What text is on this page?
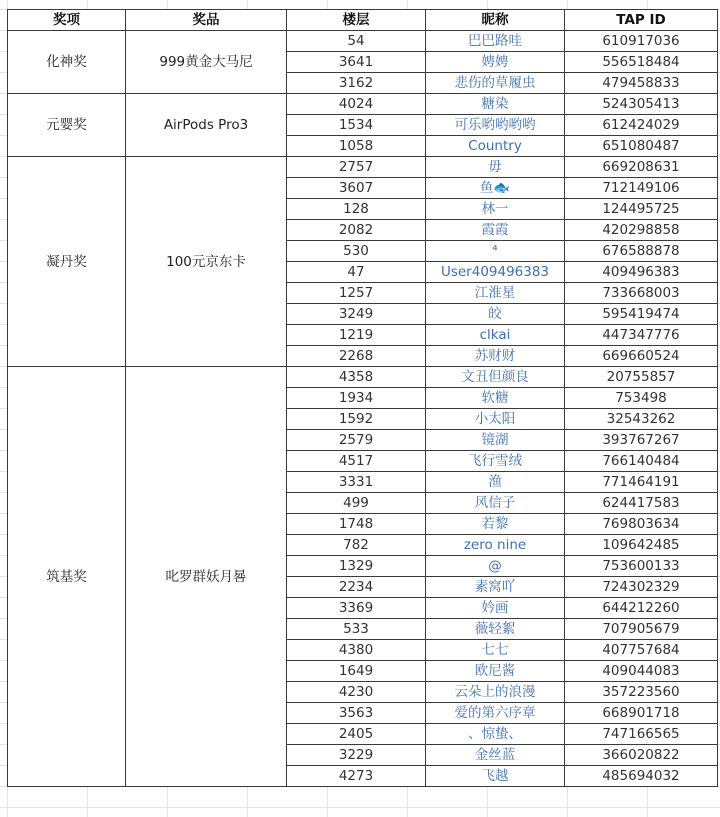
奖项	奖品	楼层	昵称	TAP ID
化神奖	999黄金大马尼	54	巴巴路哇	610917036
		3641	娉娉	556518484
		3162	悲伤的草履虫	479458833
元婴奖	AirPods Pro3	4024	糖染	524305413
		1534	可乐哟哟哟哟	612424029
		1058	Country	651080487
凝丹奖	100元京东卡	2757	毋	669208631
		3607	鱼🐟	712149106
		128	林一	124495725
		2082	霞霞	420298858
		530	⁴	676588878
		47	User409496383	409496383
		1257	江淮星	733668003
		3249	皎	595419474
		1219	clkai	447347776
		2268	苏财财	669660524
筑基奖	叱罗群妖月晷	4358	文丑但颜良	20755857
		1934	软糖	753498
		1592	小太阳	32543262
		2579	镜湖	393767267
		4517	飞行雪绒	766140484
		3331	渔	771464191
		499	风信子	624417583
		1748	若黎	769803634
		782	zero nine	109642485
		1329	@	753600133
		2234	素窝吖	724302329
		3369	妗画	644212260
		533	薇轻絮	707905679
		4380	七七	407757684
		1649	欧尼酱	409044083
		4230	云朵上的浪漫	357223560
		3563	爱的第六序章	668901718
		2405	、惊蛰、	747166565
		3229	金丝蓝	366020822
		4273	飞越	485694032
